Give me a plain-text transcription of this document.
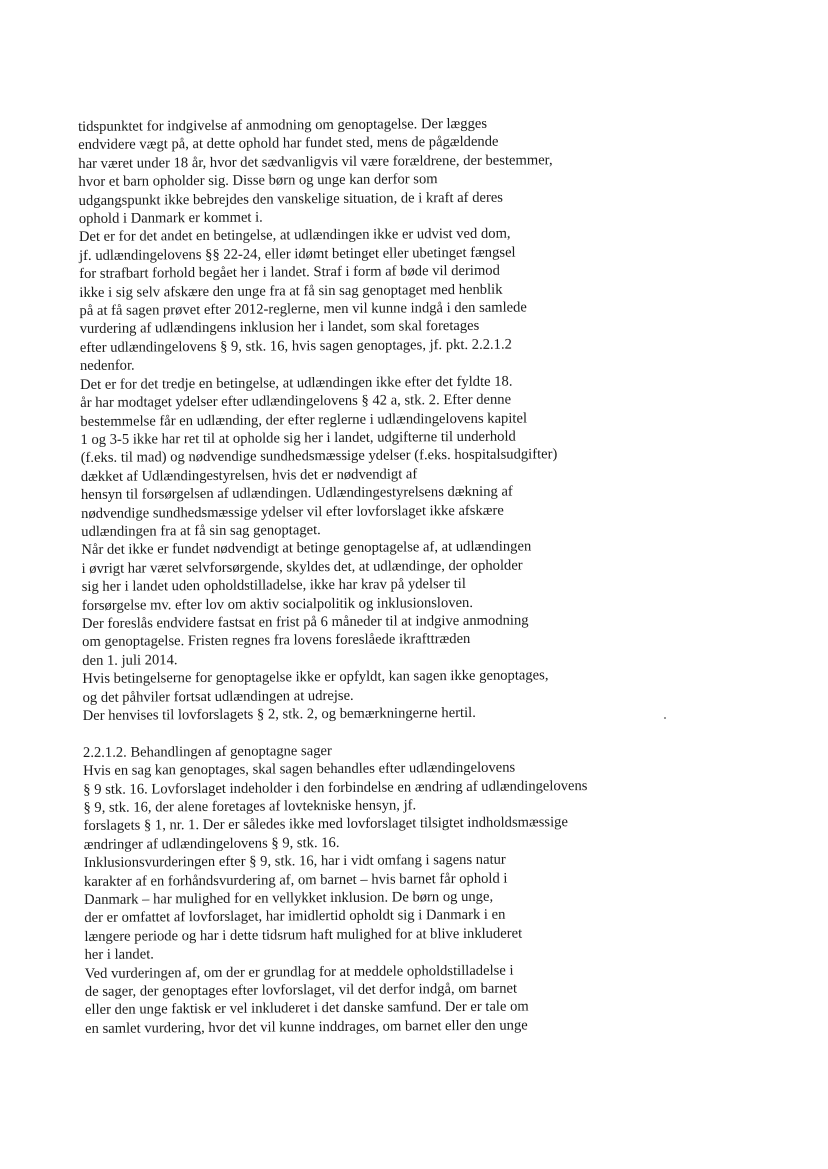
tidspunktet for indgivelse af anmodning om genoptagelse. Der lægges
endvidere vægt på, at dette ophold har fundet sted, mens de pågældende
har været under 18 år, hvor det sædvanligvis vil være forældrene, der bestemmer,
hvor et barn opholder sig. Disse børn og unge kan derfor som
udgangspunkt ikke bebrejdes den vanskelige situation, de i kraft af deres
ophold i Danmark er kommet i.
Det er for det andet en betingelse, at udlændingen ikke er udvist ved dom,
jf. udlændingelovens §§ 22-24, eller idømt betinget eller ubetinget fængsel
for strafbart forhold begået her i landet. Straf i form af bøde vil derimod
ikke i sig selv afskære den unge fra at få sin sag genoptaget med henblik
på at få sagen prøvet efter 2012-reglerne, men vil kunne indgå i den samlede
vurdering af udlændingens inklusion her i landet, som skal foretages
efter udlændingelovens § 9, stk. 16, hvis sagen genoptages, jf. pkt. 2.2.1.2
nedenfor.
Det er for det tredje en betingelse, at udlændingen ikke efter det fyldte 18.
år har modtaget ydelser efter udlændingelovens § 42 a, stk. 2. Efter denne
bestemmelse får en udlænding, der efter reglerne i udlændingelovens kapitel
1 og 3-5 ikke har ret til at opholde sig her i landet, udgifterne til underhold
(f.eks. til mad) og nødvendige sundhedsmæssige ydelser (f.eks. hospitalsudgifter)
dækket af Udlændingestyrelsen, hvis det er nødvendigt af
hensyn til forsørgelsen af udlændingen. Udlændingestyrelsens dækning af
nødvendige sundhedsmæssige ydelser vil efter lovforslaget ikke afskære
udlændingen fra at få sin sag genoptaget.
Når det ikke er fundet nødvendigt at betinge genoptagelse af, at udlændingen
i øvrigt har været selvforsørgende, skyldes det, at udlændinge, der opholder
sig her i landet uden opholdstilladelse, ikke har krav på ydelser til
forsørgelse mv. efter lov om aktiv socialpolitik og inklusionsloven.
Der foreslås endvidere fastsat en frist på 6 måneder til at indgive anmodning
om genoptagelse. Fristen regnes fra lovens foreslåede ikrafttræden
den 1. juli 2014.
Hvis betingelserne for genoptagelse ikke er opfyldt, kan sagen ikke genoptages,
og det påhviler fortsat udlændingen at udrejse.
Der henvises til lovforslagets § 2, stk. 2, og bemærkningerne hertil.
2.2.1.2. Behandlingen af genoptagne sager
Hvis en sag kan genoptages, skal sagen behandles efter udlændingelovens
§ 9 stk. 16. Lovforslaget indeholder i den forbindelse en ændring af udlændingelovens
§ 9, stk. 16, der alene foretages af lovtekniske hensyn, jf.
forslagets § 1, nr. 1. Der er således ikke med lovforslaget tilsigtet indholdsmæssige
ændringer af udlændingelovens § 9, stk. 16.
Inklusionsvurderingen efter § 9, stk. 16, har i vidt omfang i sagens natur
karakter af en forhåndsvurdering af, om barnet – hvis barnet får ophold i
Danmark – har mulighed for en vellykket inklusion. De børn og unge,
der er omfattet af lovforslaget, har imidlertid opholdt sig i Danmark i en
længere periode og har i dette tidsrum haft mulighed for at blive inkluderet
her i landet.
Ved vurderingen af, om der er grundlag for at meddele opholdstilladelse i
de sager, der genoptages efter lovforslaget, vil det derfor indgå, om barnet
eller den unge faktisk er vel inkluderet i det danske samfund. Der er tale om
en samlet vurdering, hvor det vil kunne inddrages, om barnet eller den unge
